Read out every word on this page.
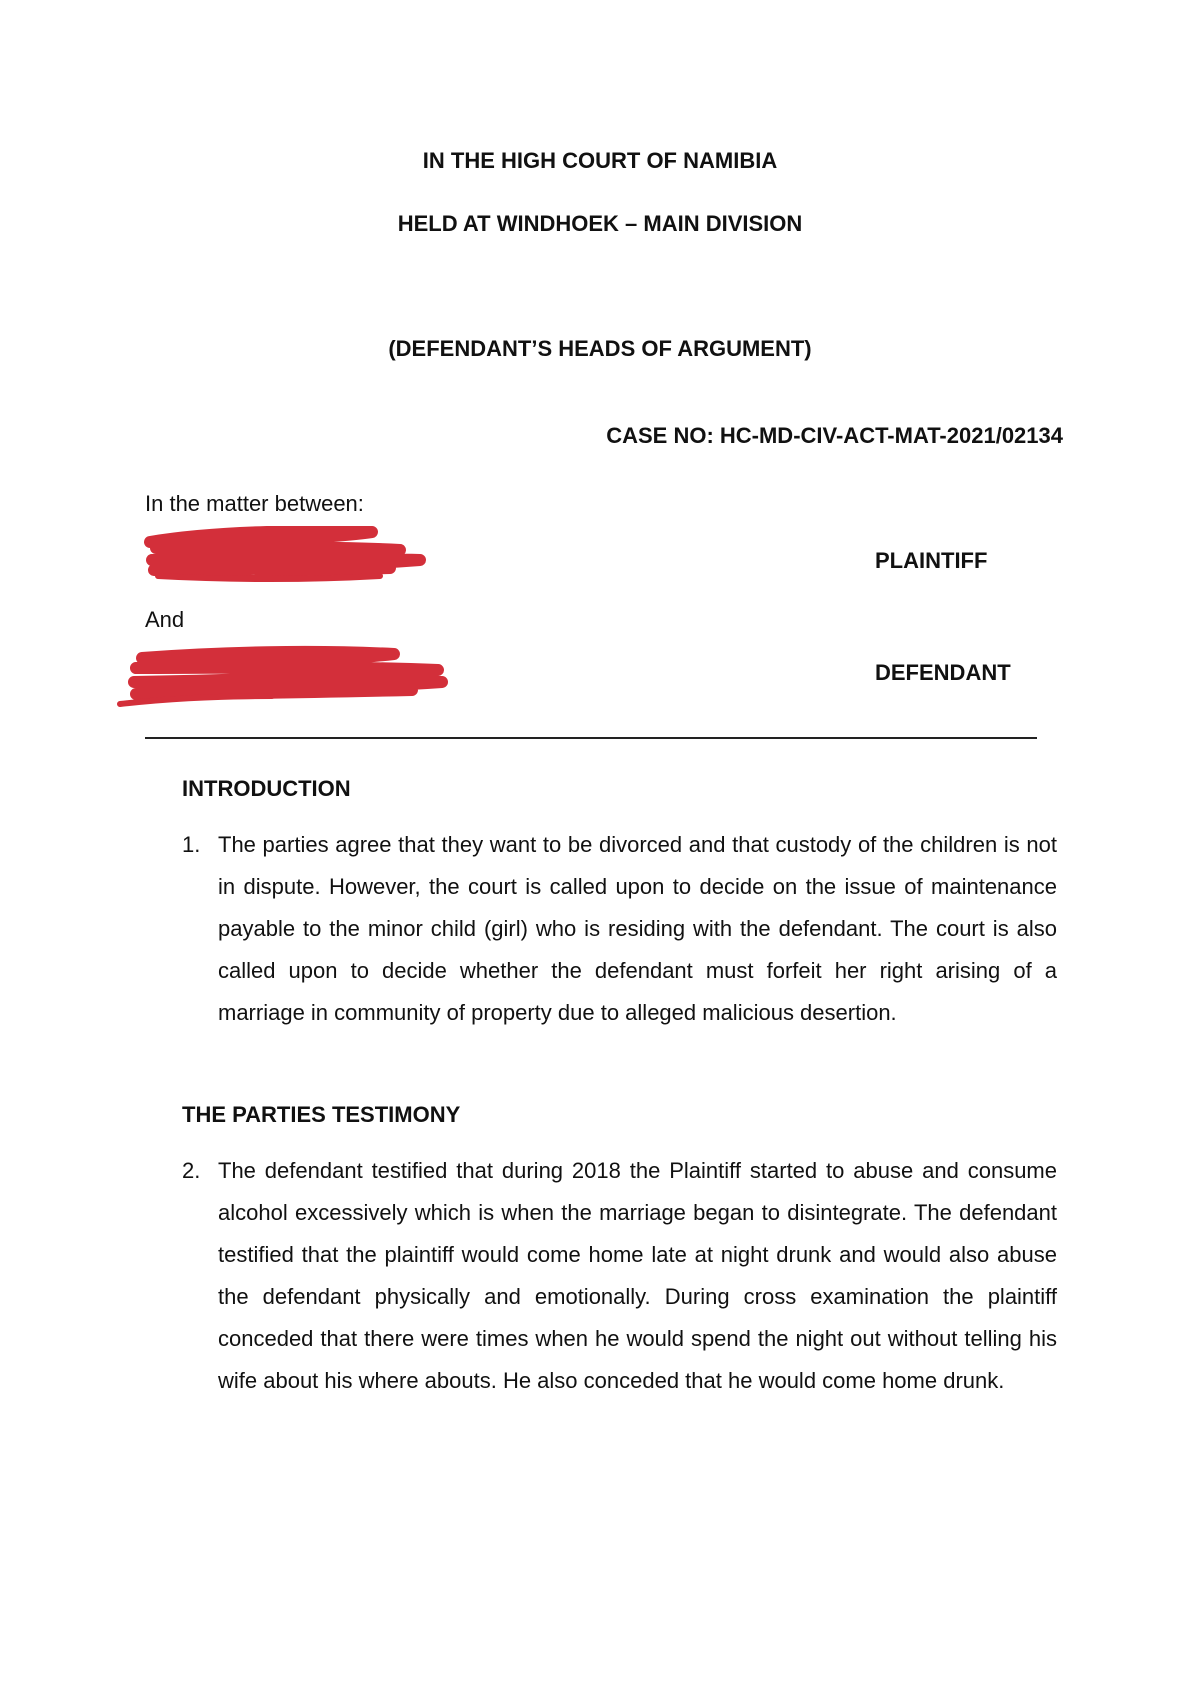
IN THE HIGH COURT OF NAMIBIA
HELD AT WINDHOEK – MAIN DIVISION
(DEFENDANT’S HEADS OF ARGUMENT)
CASE NO: HC-MD-CIV-ACT-MAT-2021/02134
In the matter between:
PLAINTIFF
And
DEFENDANT
INTRODUCTION
1. The parties agree that they want to be divorced and that custody of the children is not in dispute. However, the court is called upon to decide on the issue of maintenance payable to the minor child (girl) who is residing with the defendant. The court is also called upon to decide whether the defendant must forfeit her right arising of a marriage in community of property due to alleged malicious desertion.
THE PARTIES TESTIMONY
2. The defendant testified that during 2018 the Plaintiff started to abuse and consume alcohol excessively which is when the marriage began to disintegrate. The defendant testified that the plaintiff would come home late at night drunk and would also abuse the defendant physically and emotionally. During cross examination the plaintiff conceded that there were times when he would spend the night out without telling his wife about his where abouts. He also conceded that he would come home drunk.
